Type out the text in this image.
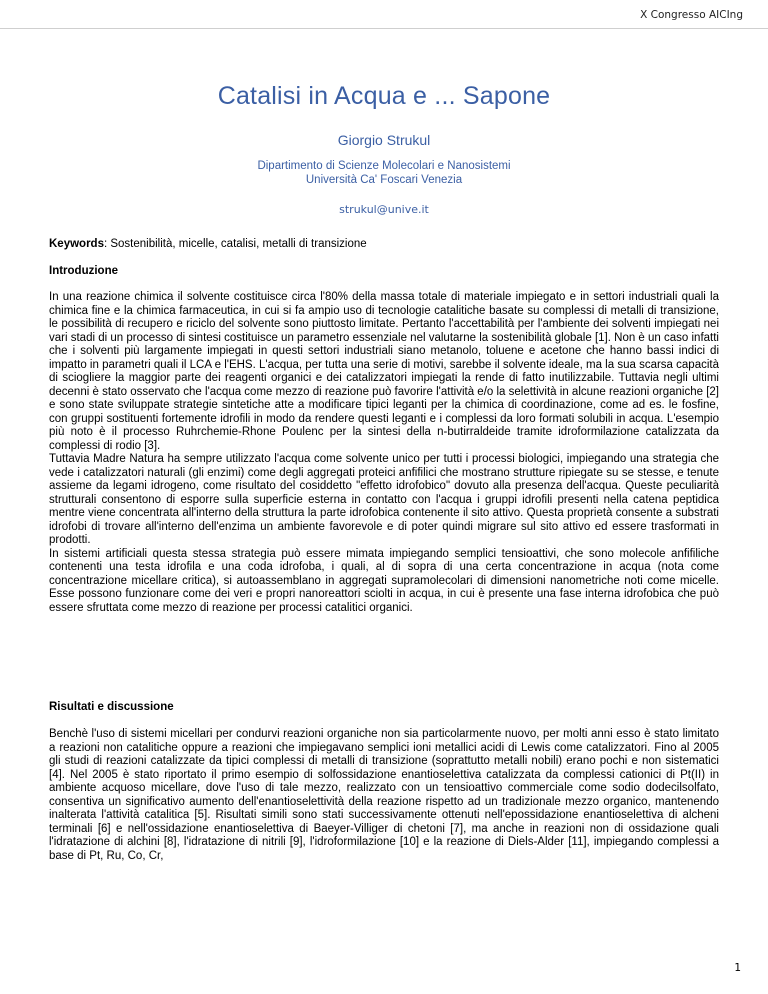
X Congresso AICIng
Catalisi in Acqua e ... Sapone
Giorgio Strukul
Dipartimento di Scienze Molecolari e Nanosistemi
Università Ca' Foscari Venezia
strukul@unive.it
Keywords: Sostenibilità, micelle, catalisi, metalli di transizione
Introduzione

In una reazione chimica il solvente costituisce circa l'80% della massa totale di materiale impiegato e in settori industriali quali la chimica fine e la chimica farmaceutica, in cui si fa ampio uso di tecnologie catalitiche basate su complessi di metalli di transizione, le possibilità di recupero e riciclo del solvente sono piuttosto limitate. Pertanto l'accettabilità per l'ambiente dei solventi impiegati nei vari stadi di un processo di sintesi costituisce un parametro essenziale nel valutarne la sostenibilità globale [1]. Non è un caso infatti che i solventi più largamente impiegati in questi settori industriali siano metanolo, toluene e acetone che hanno bassi indici di impatto in parametri quali il LCA e l'EHS. L'acqua, per tutta una serie di motivi, sarebbe il solvente ideale, ma la sua scarsa capacità di sciogliere la maggior parte dei reagenti organici e dei catalizzatori impiegati la rende di fatto inutilizzabile. Tuttavia negli ultimi decenni è stato osservato che l'acqua come mezzo di reazione può favorire l'attività e/o la selettività in alcune reazioni organiche [2] e sono state sviluppate strategie sintetiche atte a modificare tipici leganti per la chimica di coordinazione, come ad es. le fosfine, con gruppi sostituenti fortemente idrofili in modo da rendere questi leganti e i complessi da loro formati solubili in acqua. L'esempio più noto è il processo Ruhrchemie-Rhone Poulenc per la sintesi della n-butirraldeide tramite idroformilazione catalizzata da complessi di rodio [3].

Tuttavia Madre Natura ha sempre utilizzato l'acqua come solvente unico per tutti i processi biologici, impiegando una strategia che vede i catalizzatori naturali (gli enzimi) come degli aggregati proteici anfifilici che mostrano strutture ripiegate su se stesse, e tenute assieme da legami idrogeno, come risultato del cosiddetto "effetto idrofobico" dovuto alla presenza dell'acqua. Queste peculiarità strutturali consentono di esporre sulla superficie esterna in contatto con l'acqua i gruppi idrofili presenti nella catena peptidica mentre viene concentrata all'interno della struttura la parte idrofobica contenente il sito attivo. Questa proprietà consente a substrati idrofobi di trovare all'interno dell'enzima un ambiente favorevole e di poter quindi migrare sul sito attivo ed essere trasformati in prodotti.

In sistemi artificiali questa stessa strategia può essere mimata impiegando semplici tensioattivi, che sono molecole anfifiliche contenenti una testa idrofila e una coda idrofoba, i quali, al di sopra di una certa concentrazione in acqua (nota come concentrazione micellare critica), si autoassemblano in aggregati supramolecolari di dimensioni nanometriche noti come micelle. Esse possono funzionare come dei veri e propri nanoreattori sciolti in acqua, in cui è presente una fase interna idrofobica che può essere sfruttata come mezzo di reazione per processi catalitici organici.

Risultati e discussione

Benchè l'uso di sistemi micellari per condurvi reazioni organiche non sia particolarmente nuovo, per molti anni esso è stato limitato a reazioni non catalitiche oppure a reazioni che impiegavano semplici ioni metallici acidi di Lewis come catalizzatori. Fino al 2005 gli studi di reazioni catalizzate da tipici complessi di metalli di transizione (soprattutto metalli nobili) erano pochi e non sistematici [4]. Nel 2005 è stato riportato il primo esempio di solfossidazione enantioselettiva catalizzata da complessi cationici di Pt(II) in ambiente acquoso micellare, dove l'uso di tale mezzo, realizzato con un tensioattivo commerciale come sodio dodecilsolfato, consentiva un significativo aumento dell'enantioselettività della reazione rispetto ad un tradizionale mezzo organico, mantenendo inalterata l'attività catalitica [5]. Risultati simili sono stati successivamente ottenuti nell'epossidazione enantioselettiva di alcheni terminali [6] e nell'ossidazione enantioselettiva di Baeyer-Villiger di chetoni [7], ma anche in reazioni non di ossidazione quali l'idratazione di alchini [8], l'idratazione di nitrili [9], l'idroformilazione [10] e la reazione di Diels-Alder [11], impiegando complessi a base di Pt, Ru, Co, Cr,

1
